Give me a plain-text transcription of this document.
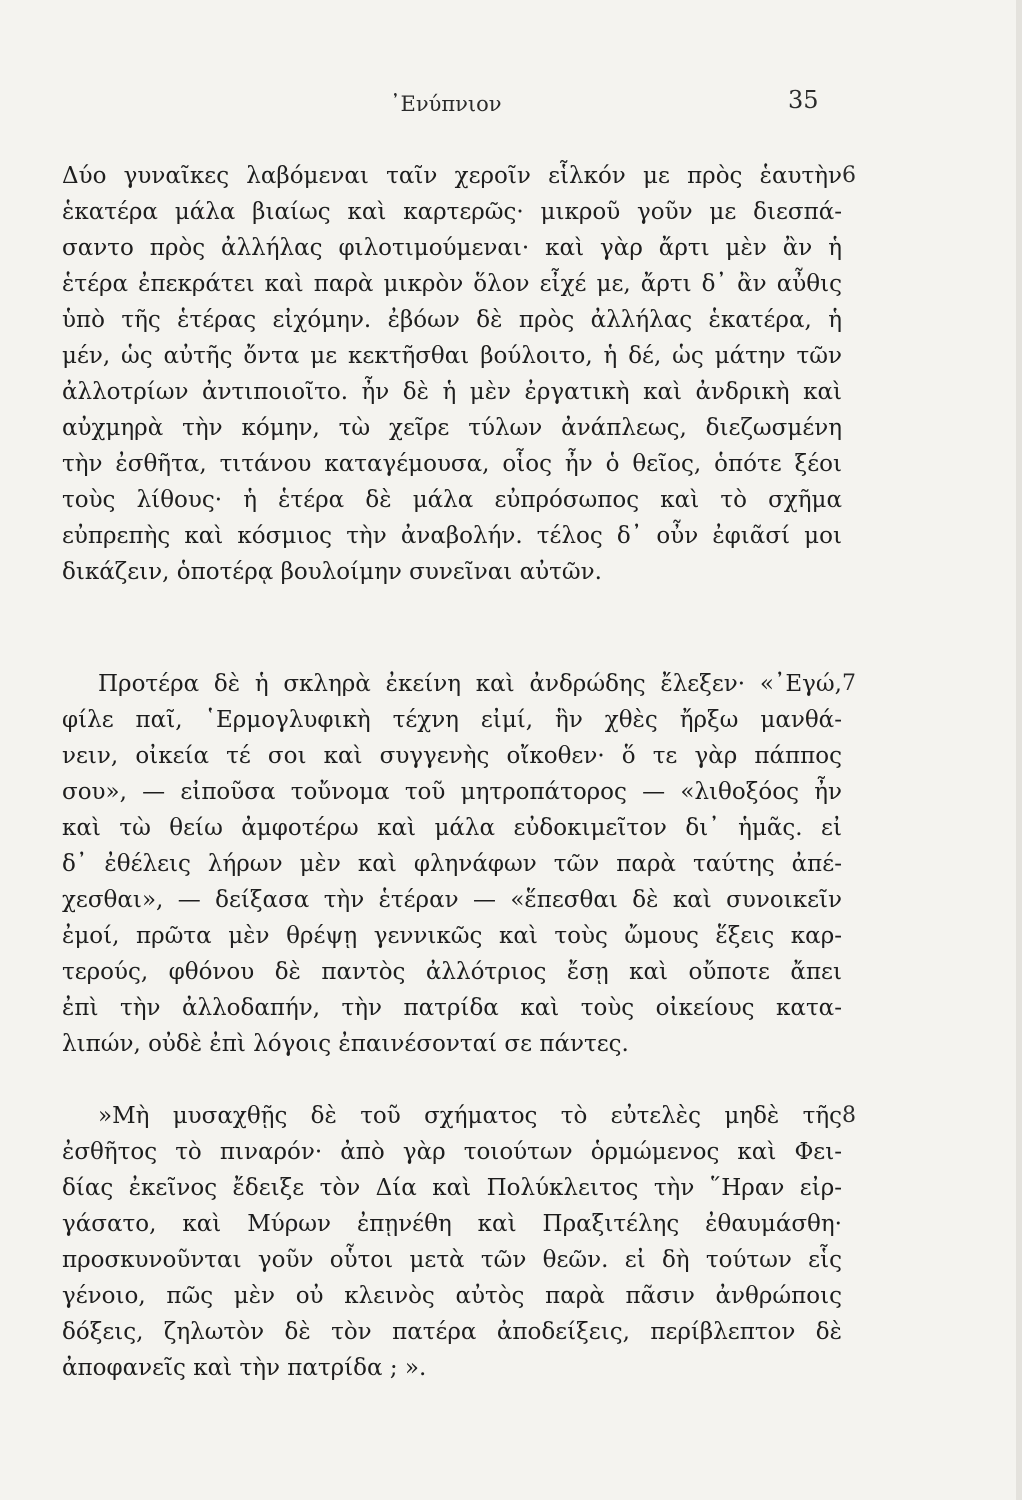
᾿Ενύπνιον	35
6
7
8
Δύο γυναῖκες λαβόμεναι ταῖν χεροῖν εἷλκόν με πρὸς ἑαυτὴν
ἑκατέρα μάλα βιαίως καὶ καρτερῶς· μικροῦ γοῦν με διεσπά-
σαντο πρὸς ἀλλήλας φιλοτιμούμεναι· καὶ γὰρ ἄρτι μὲν ἂν ἡ
ἑτέρα ἐπεκράτει καὶ παρὰ μικρὸν ὅλον εἶχέ με, ἄρτι δ᾿ ἂν αὖθις
ὑπὸ τῆς ἑτέρας εἰχόμην. ἐβόων δὲ πρὸς ἀλλήλας ἑκατέρα, ἡ
μέν, ὡς αὐτῆς ὄντα με κεκτῆσθαι βούλοιτο, ἡ δέ, ὡς μάτην τῶν
ἀλλοτρίων ἀντιποιοῖτο. ἦν δὲ ἡ μὲν ἐργατικὴ καὶ ἀνδρικὴ καὶ
αὐχμηρὰ τὴν κόμην, τὼ χεῖρε τύλων ἀνάπλεως, διεζωσμένη
τὴν ἐσθῆτα, τιτάνου καταγέμουσα, οἷος ἦν ὁ θεῖος, ὁπότε ξέοι
τοὺς λίθους· ἡ ἑτέρα δὲ μάλα εὐπρόσωπος καὶ τὸ σχῆμα
εὐπρεπὴς καὶ κόσμιος τὴν ἀναβολήν. τέλος δ᾿ οὖν ἐφιᾶσί μοι
δικάζειν, ὁποτέρᾳ βουλοίμην συνεῖναι αὐτῶν.
Προτέρα δὲ ἡ σκληρὰ ἐκείνη καὶ ἀνδρώδης ἔλεξεν· «᾿Εγώ,
φίλε παῖ, ῾Ερμογλυφικὴ τέχνη εἰμί, ἣν χθὲς ἤρξω μανθά-
νειν, οἰκεία τέ σοι καὶ συγγενὴς οἴκοθεν· ὅ τε γὰρ πάππος
σου», — εἰποῦσα τοὔνομα τοῦ μητροπάτορος — «λιθοξόος ἦν
καὶ τὼ θείω ἀμφοτέρω καὶ μάλα εὐδοκιμεῖτον δι᾿ ἡμᾶς. εἰ
δ᾿ ἐθέλεις λήρων μὲν καὶ φληνάφων τῶν παρὰ ταύτης ἀπέ-
χεσθαι», — δείξασα τὴν ἑτέραν — «ἕπεσθαι δὲ καὶ συνοικεῖν
ἐμοί, πρῶτα μὲν θρέψῃ γεννικῶς καὶ τοὺς ὤμους ἕξεις καρ-
τερούς, φθόνου δὲ παντὸς ἀλλότριος ἔσῃ καὶ οὔποτε ἄπει
ἐπὶ τὴν ἀλλοδαπήν, τὴν πατρίδα καὶ τοὺς οἰκείους κατα-
λιπών, οὐδὲ ἐπὶ λόγοις ἐπαινέσονταί σε πάντες.
»Μὴ μυσαχθῇς δὲ τοῦ σχήματος τὸ εὐτελὲς μηδὲ τῆς
ἐσθῆτος τὸ πιναρόν· ἀπὸ γὰρ τοιούτων ὁρμώμενος καὶ Φει-
δίας ἐκεῖνος ἔδειξε τὸν Δία καὶ Πολύκλειτος τὴν ῞Ηραν εἰρ-
γάσατο, καὶ Μύρων ἐπῃνέθη καὶ Πραξιτέλης ἐθαυμάσθη·
προσκυνοῦνται γοῦν οὗτοι μετὰ τῶν θεῶν. εἰ δὴ τούτων εἷς
γένοιο, πῶς μὲν οὐ κλεινὸς αὐτὸς παρὰ πᾶσιν ἀνθρώποις
δόξεις, ζηλωτὸν δὲ τὸν πατέρα ἀποδείξεις, περίβλεπτον δὲ
ἀποφανεῖς καὶ τὴν πατρίδα ; ».
